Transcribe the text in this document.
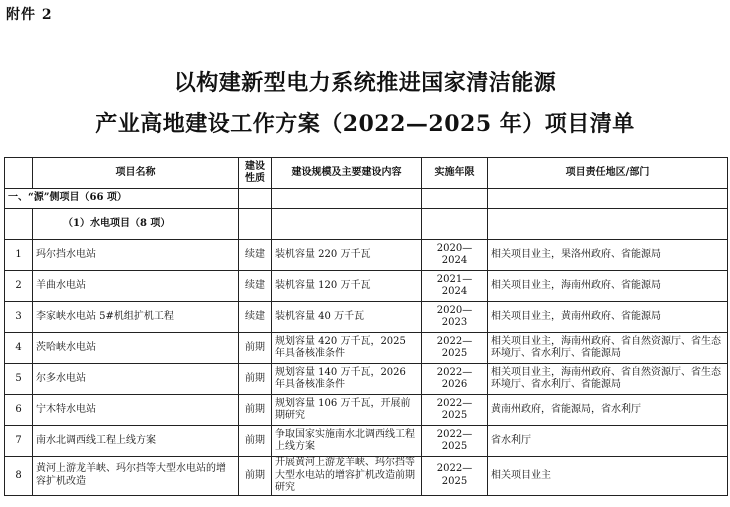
附件 2
以构建新型电力系统推进国家清洁能源
产业高地建设工作方案（2022—2025 年）项目清单
	项目名称	建设性质	建设规模及主要建设内容	实施年限	项目责任地区/部门
一、“源”侧项目（66 项）					
	（1）水电项目（8 项）				
1	玛尔挡水电站	续建	装机容量 220 万千瓦	2020—2024	相关项目业主，果洛州政府、省能源局
2	羊曲水电站	续建	装机容量 120 万千瓦	2021—2024	相关项目业主，海南州政府、省能源局
3	李家峡水电站 5#机组扩机工程	续建	装机容量 40 万千瓦	2020—2023	相关项目业主，黄南州政府、省能源局
4	茨哈峡水电站	前期	规划容量 420 万千瓦，2025 年具备核准条件	2022—2025	相关项目业主，海南州政府、省自然资源厅、省生态环境厅、省水利厅、省能源局
5	尔多水电站	前期	规划容量 140 万千瓦，2026 年具备核准条件	2022—2026	相关项目业主，海南州政府、省自然资源厅、省生态环境厅、省水利厅、省能源局
6	宁木特水电站	前期	规划容量 106 万千瓦，开展前期研究	2022—2025	黄南州政府，省能源局，省水利厅
7	南水北调西线工程上线方案	前期	争取国家实施南水北调西线工程上线方案	2022—2025	省水利厅
8	黄河上游龙羊峡、玛尔挡等大型水电站的增容扩机改造	前期	开展黄河上游龙羊峡、玛尔挡等大型水电站的增容扩机改造前期研究	2022—2025	相关项目业主
